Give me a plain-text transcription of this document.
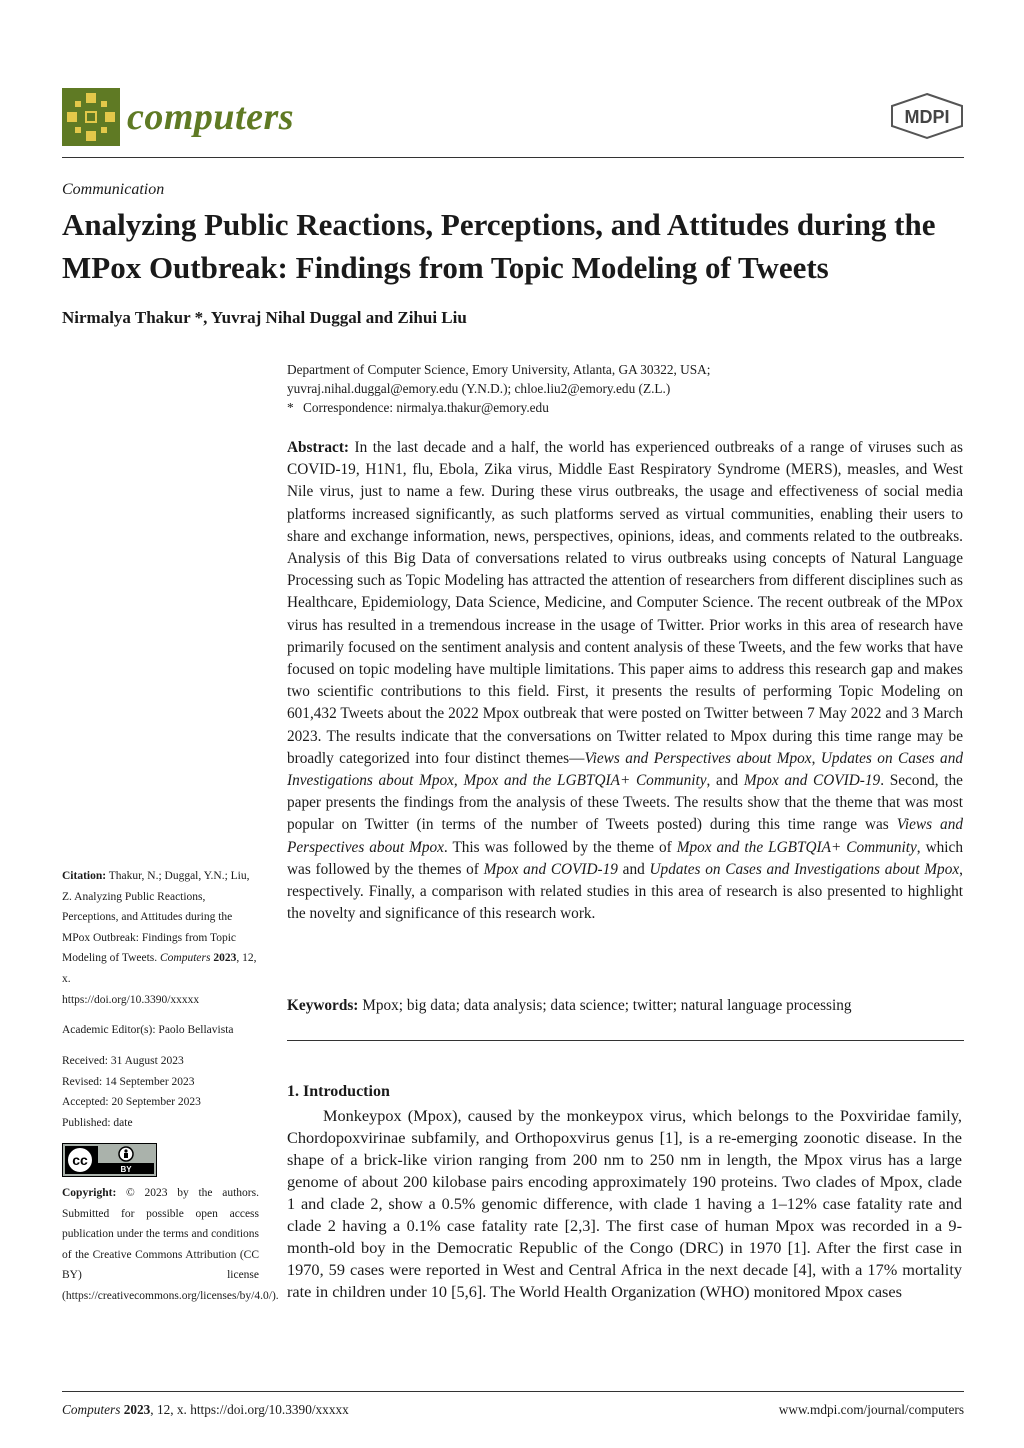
computers	MDPI
Communication
Analyzing Public Reactions, Perceptions, and Attitudes during the MPox Outbreak: Findings from Topic Modeling of Tweets
Nirmalya Thakur *, Yuvraj Nihal Duggal and Zihui Liu
Department of Computer Science, Emory University, Atlanta, GA 30322, USA;
yuvraj.nihal.duggal@emory.edu (Y.N.D.); chloe.liu2@emory.edu (Z.L.)
* Correspondence: nirmalya.thakur@emory.edu
Abstract: In the last decade and a half, the world has experienced outbreaks of a range of viruses such as COVID-19, H1N1, flu, Ebola, Zika virus, Middle East Respiratory Syndrome (MERS), measles, and West Nile virus, just to name a few. During these virus outbreaks, the usage and effectiveness of social media platforms increased significantly, as such platforms served as virtual communities, enabling their users to share and exchange information, news, perspectives, opinions, ideas, and comments related to the outbreaks. Analysis of this Big Data of conversations related to virus outbreaks using concepts of Natural Language Processing such as Topic Modeling has attracted the attention of researchers from different disciplines such as Healthcare, Epidemiology, Data Science, Medicine, and Computer Science. The recent outbreak of the MPox virus has resulted in a tremendous increase in the usage of Twitter. Prior works in this area of research have primarily focused on the sentiment analysis and content analysis of these Tweets, and the few works that have focused on topic modeling have multiple limitations. This paper aims to address this research gap and makes two scientific contributions to this field. First, it presents the results of performing Topic Modeling on 601,432 Tweets about the 2022 Mpox outbreak that were posted on Twitter between 7 May 2022 and 3 March 2023. The results indicate that the conversations on Twitter related to Mpox during this time range may be broadly categorized into four distinct themes—Views and Perspectives about Mpox, Updates on Cases and Investigations about Mpox, Mpox and the LGBTQIA+ Community, and Mpox and COVID-19. Second, the paper presents the findings from the analysis of these Tweets. The results show that the theme that was most popular on Twitter (in terms of the number of Tweets posted) during this time range was Views and Perspectives about Mpox. This was followed by the theme of Mpox and the LGBTQIA+ Community, which was followed by the themes of Mpox and COVID-19 and Updates on Cases and Investigations about Mpox, respectively. Finally, a comparison with related studies in this area of research is also presented to highlight the novelty and significance of this research work.
Keywords: Mpox; big data; data analysis; data science; twitter; natural language processing
1. Introduction
Monkeypox (Mpox), caused by the monkeypox virus, which belongs to the Poxviridae family, Chordopoxvirinae subfamily, and Orthopoxvirus genus [1], is a re-emerging zoonotic disease. In the shape of a brick-like virion ranging from 200 nm to 250 nm in length, the Mpox virus has a large genome of about 200 kilobase pairs encoding approximately 190 proteins. Two clades of Mpox, clade 1 and clade 2, show a 0.5% genomic difference, with clade 1 having a 1–12% case fatality rate and clade 2 having a 0.1% case fatality rate [2,3]. The first case of human Mpox was recorded in a 9-month-old boy in the Democratic Republic of the Congo (DRC) in 1970 [1]. After the first case in 1970, 59 cases were reported in West and Central Africa in the next decade [4], with a 17% mortality rate in children under 10 [5,6]. The World Health Organization (WHO) monitored Mpox cases
Citation: Thakur, N.; Duggal, Y.N.; Liu, Z. Analyzing Public Reactions, Perceptions, and Attitudes during the MPox Outbreak: Findings from Topic Modeling of Tweets. Computers 2023, 12, x.
https://doi.org/10.3390/xxxxx
Academic Editor(s): Paolo Bellavista
Received: 31 August 2023
Revised: 14 September 2023
Accepted: 20 September 2023
Published: date
cc
BY
Copyright: © 2023 by the authors. Submitted for possible open access publication under the terms and conditions of the Creative Commons Attribution (CC BY) license (https://creativecommons.org/licenses/by/4.0/).
Computers 2023, 12, x. https://doi.org/10.3390/xxxxx	www.mdpi.com/journal/computers
